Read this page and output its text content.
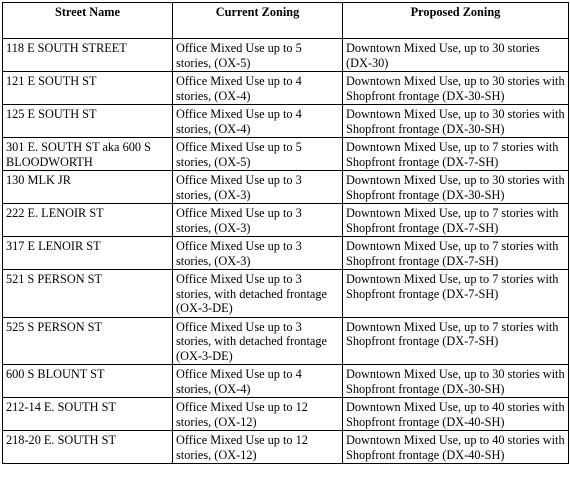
Street Name	Current Zoning	Proposed Zoning
118 E SOUTH STREET	Office Mixed Use up to 5 stories, (OX-5)	Downtown Mixed Use, up to 30 stories (DX-30)
121 E SOUTH ST	Office Mixed Use up to 4 stories, (OX-4)	Downtown Mixed Use, up to 30 stories with Shopfront frontage (DX-30-SH)
125 E SOUTH ST	Office Mixed Use up to 4 stories, (OX-4)	Downtown Mixed Use, up to 30 stories with Shopfront frontage (DX-30-SH)
301 E. SOUTH ST aka 600 S BLOODWORTH	Office Mixed Use up to 5 stories, (OX-5)	Downtown Mixed Use, up to 7 stories with Shopfront frontage (DX-7-SH)
130 MLK JR	Office Mixed Use up to 3 stories, (OX-3)	Downtown Mixed Use, up to 30 stories with Shopfront frontage (DX-30-SH)
222 E. LENOIR ST	Office Mixed Use up to 3 stories, (OX-3)	Downtown Mixed Use, up to 7 stories with Shopfront frontage (DX-7-SH)
317 E LENOIR ST	Office Mixed Use up to 3 stories, (OX-3)	Downtown Mixed Use, up to 7 stories with Shopfront frontage (DX-7-SH)
521 S PERSON ST	Office Mixed Use up to 3 stories, with detached frontage (OX-3-DE)	Downtown Mixed Use, up to 7 stories with Shopfront frontage (DX-7-SH)
525 S PERSON ST	Office Mixed Use up to 3 stories, with detached frontage (OX-3-DE)	Downtown Mixed Use, up to 7 stories with Shopfront frontage (DX-7-SH)
600 S BLOUNT ST	Office Mixed Use up to 4 stories, (OX-4)	Downtown Mixed Use, up to 30 stories with Shopfront frontage (DX-30-SH)
212-14 E. SOUTH ST	Office Mixed Use up to 12 stories, (OX-12)	Downtown Mixed Use, up to 40 stories with Shopfront frontage (DX-40-SH)
218-20 E. SOUTH ST	Office Mixed Use up to 12 stories, (OX-12)	Downtown Mixed Use, up to 40 stories with Shopfront frontage (DX-40-SH)
